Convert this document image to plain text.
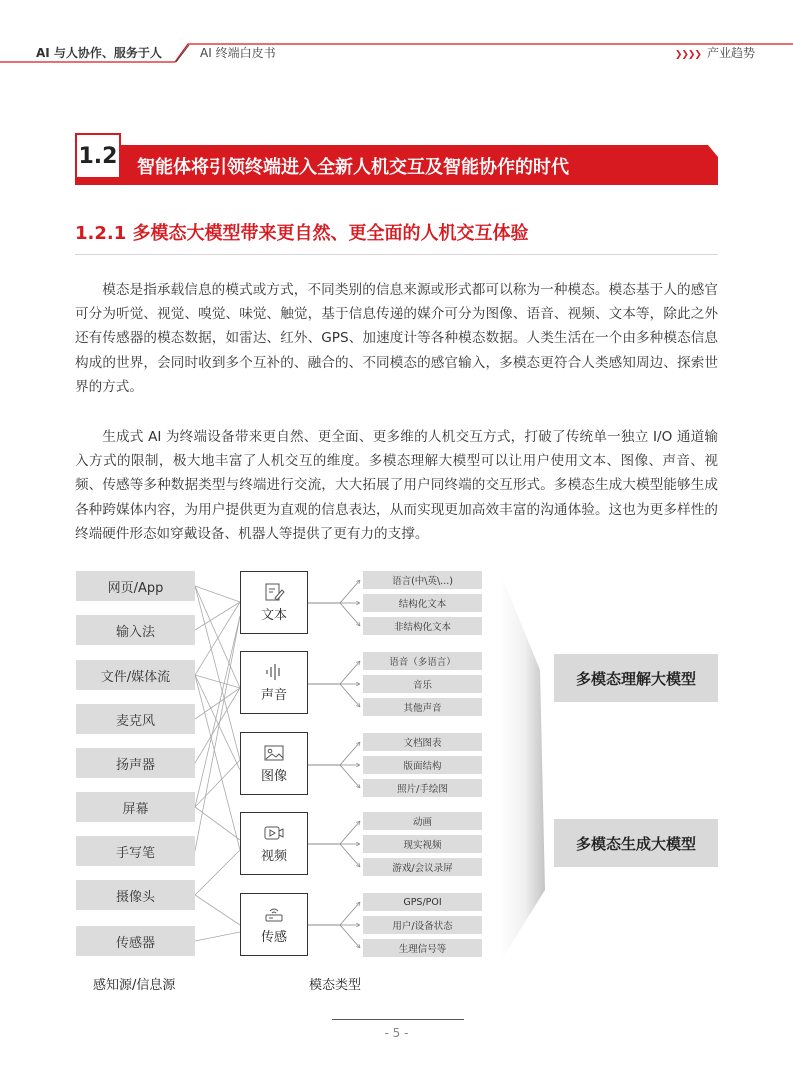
AI 与人协作、服务于人	AI 终端白皮书	❯❯❯❯ 产业趋势
1.2 智能体将引领终端进入全新人机交互及智能协作的时代
1.2.1 多模态大模型带来更自然、更全面的人机交互体验

模态是指承载信息的模式或方式，不同类别的信息来源或形式都可以称为一种模态。模态基于人的感官可分为听觉、视觉、嗅觉、味觉、触觉，基于信息传递的媒介可分为图像、语音、视频、文本等，除此之外还有传感器的模态数据，如雷达、红外、GPS、加速度计等各种模态数据。人类生活在一个由多种模态信息构成的世界，会同时收到多个互补的、融合的、不同模态的感官输入，多模态更符合人类感知周边、探索世界的方式。

生成式 AI 为终端设备带来更自然、更全面、更多维的人机交互方式，打破了传统单一独立 I/O 通道输入方式的限制，极大地丰富了人机交互的维度。多模态理解大模型可以让用户使用文本、图像、声音、视频、传感等多种数据类型与终端进行交流，大大拓展了用户同终端的交互形式。多模态生成大模型能够生成各种跨媒体内容，为用户提供更为直观的信息表达，从而实现更加高效丰富的沟通体验。这也为更多样性的终端硬件形态如穿戴设备、机器人等提供了更有力的支撑。

网页/App
输入法
文件/媒体流
麦克风
扬声器
屏幕
手写笔
摄像头
传感器
文本
声音
图像
视频
传感
语言(中\英\...)
结构化文本
非结构化文本
语音（多语言）
音乐
其他声音
文档图表
版面结构
照片/手绘图
动画
现实视频
游戏/会议录屏
GPS/POI
用户/设备状态
生理信号等
多模态理解大模型
多模态生成大模型
感知源/信息源	模态类型
- 5 -
